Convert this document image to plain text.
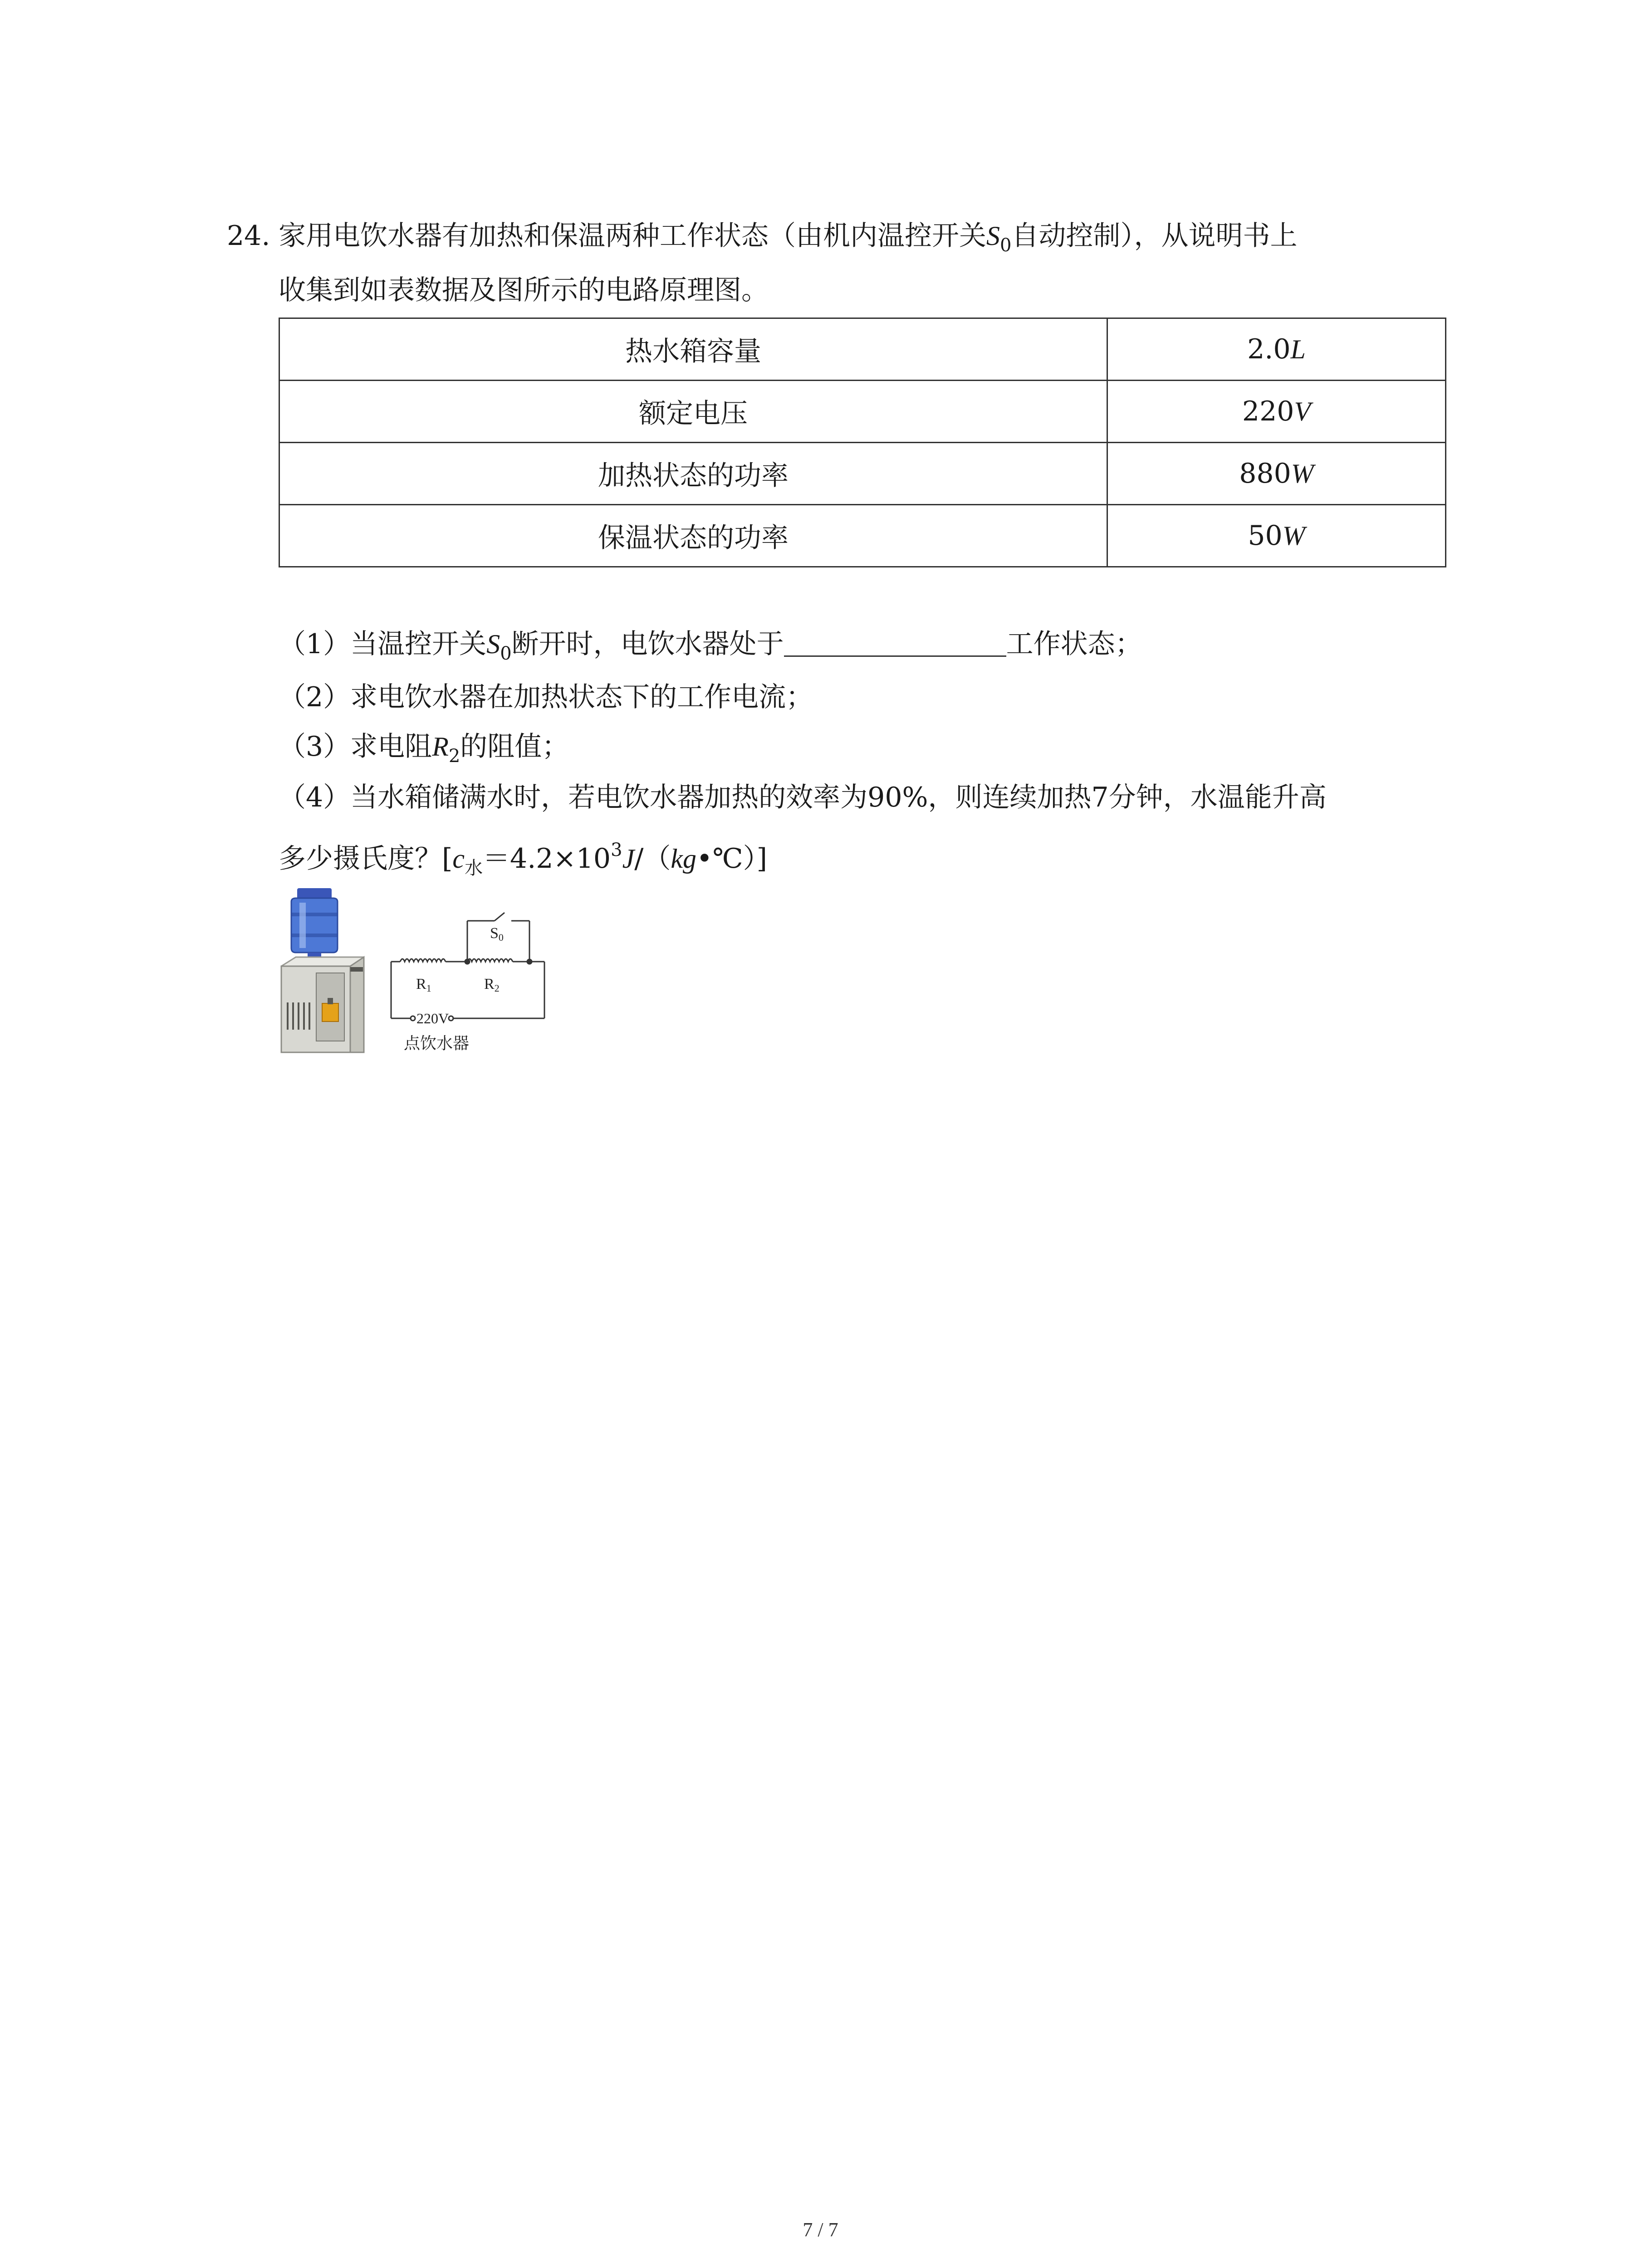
24. 家用电饮水器有加热和保温两种工作状态（由机内温控开关$S_0$自动控制），从说明书上
收集到如表数据及图所示的电路原理图。
热水箱容量	2.0L
额定电压	220V
加热状态的功率	880W
保温状态的功率	50W
（1）当温控开关$S_0$断开时，电饮水器处于	工作状态；
（2）求电饮水器在加热状态下的工作电流；
（3）求电阻$R_2$的阻值；
（4）当水箱储满水时，若电饮水器加热的效率为90%，则连续加热7分钟，水温能升高
多少摄氏度？$[c_水=4.2\times 10^3J/(kg•℃)]$
S0
R1	R2
220V
点饮水器
7 / 7
